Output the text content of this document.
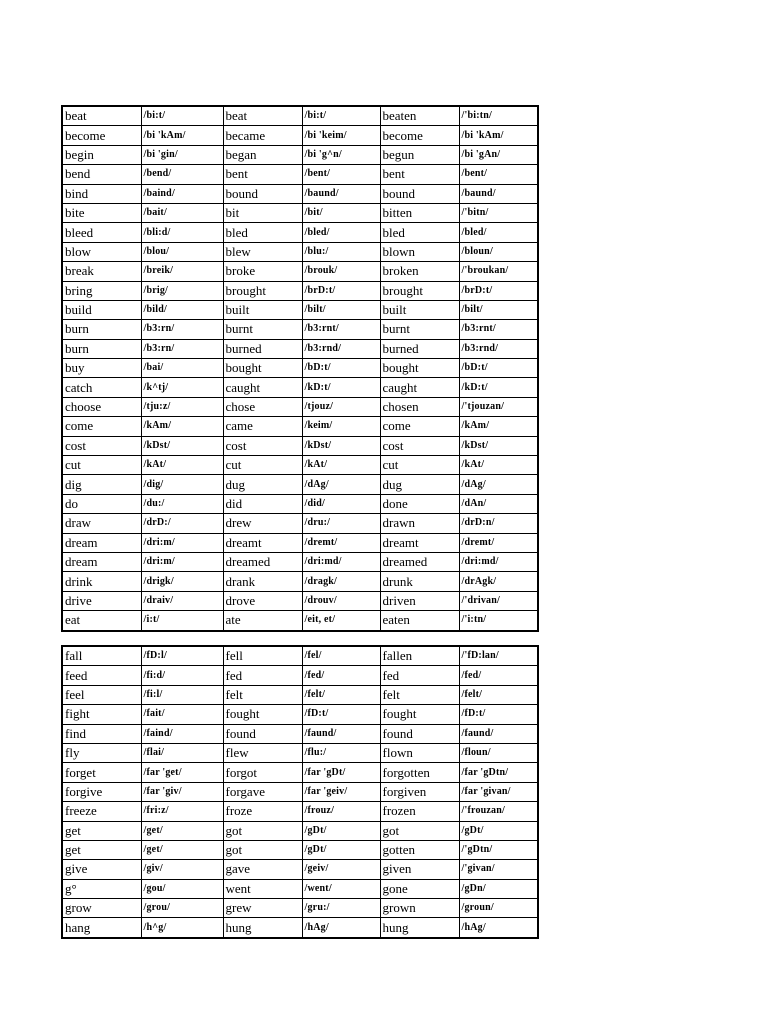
beat	/bi:t/	beat	/bi:t/	beaten	/'bi:tn/
become	/bi 'kAm/	became	/bi 'keim/	become	/bi 'kAm/
begin	/bi 'gin/	began	/bi 'g^n/	begun	/bi 'gAn/
bend	/bend/	bent	/bent/	bent	/bent/
bind	/baind/	bound	/baund/	bound	/baund/
bite	/bait/	bit	/bit/	bitten	/'bitn/
bleed	/bli:d/	bled	/bled/	bled	/bled/
blow	/blou/	blew	/blu:/	blown	/bloun/
break	/breik/	broke	/brouk/	broken	/'broukan/
bring	/brig/	brought	/brD:t/	brought	/brD:t/
build	/bild/	built	/bilt/	built	/bilt/
burn	/b3:rn/	burnt	/b3:rnt/	burnt	/b3:rnt/
burn	/b3:rn/	burned	/b3:rnd/	burned	/b3:rnd/
buy	/bai/	bought	/bD:t/	bought	/bD:t/
catch	/k^tj/	caught	/kD:t/	caught	/kD:t/
choose	/tju:z/	chose	/tjouz/	chosen	/'tjouzan/
come	/kAm/	came	/keim/	come	/kAm/
cost	/kDst/	cost	/kDst/	cost	/kDst/
cut	/kAt/	cut	/kAt/	cut	/kAt/
dig	/dig/	dug	/dAg/	dug	/dAg/
do	/du:/	did	/did/	done	/dAn/
draw	/drD:/	drew	/dru:/	drawn	/drD:n/
dream	/dri:m/	dreamt	/dremt/	dreamt	/dremt/
dream	/dri:m/	dreamed	/dri:md/	dreamed	/dri:md/
drink	/drigk/	drank	/dragk/	drunk	/drAgk/
drive	/draiv/	drove	/drouv/	driven	/'drivan/
eat	/i:t/	ate	/eit, et/	eaten	/'i:tn/
fall	/fD:l/	fell	/fel/	fallen	/'fD:lan/
feed	/fi:d/	fed	/fed/	fed	/fed/
feel	/fi:l/	felt	/felt/	felt	/felt/
fight	/fait/	fought	/fD:t/	fought	/fD:t/
find	/faind/	found	/faund/	found	/faund/
fly	/flai/	flew	/flu:/	flown	/floun/
forget	/far 'get/	forgot	/far 'gDt/	forgotten	/far 'gDtn/
forgive	/far 'giv/	forgave	/far 'geiv/	forgiven	/far 'givan/
freeze	/fri:z/	froze	/frouz/	frozen	/'frouzan/
get	/get/	got	/gDt/	got	/gDt/
get	/get/	got	/gDt/	gotten	/'gDtn/
give	/giv/	gave	/geiv/	given	/'givan/
g°	/gou/	went	/went/	gone	/gDn/
grow	/grou/	grew	/gru:/	grown	/groun/
hang	/h^g/	hung	/hAg/	hung	/hAg/
